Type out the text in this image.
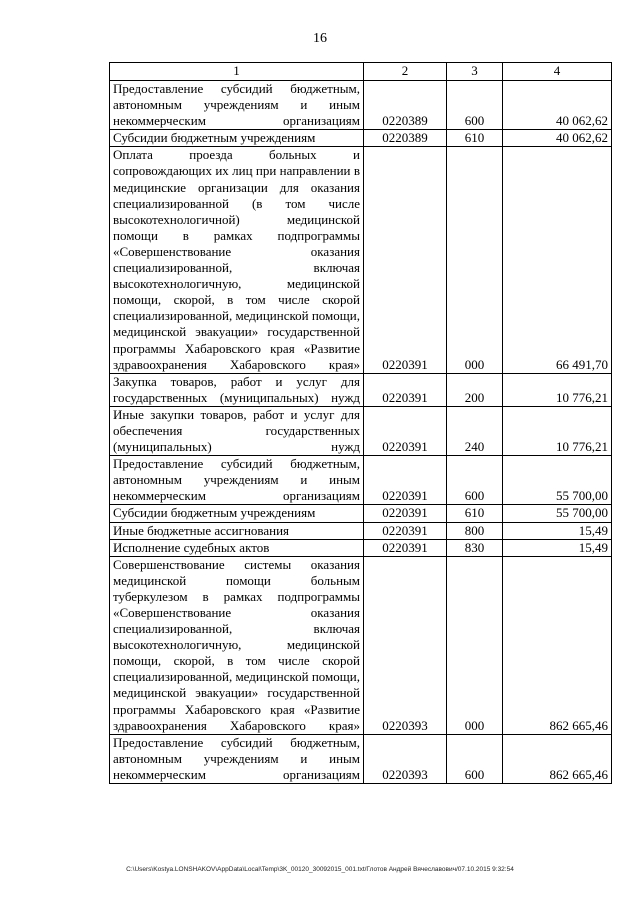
16
1	2	3	4
Предоставление субсидий бюджетным, автономным учреждениям и иным некоммерческим организациям	0220389	600	40 062,62
Субсидии бюджетным учреждениям	0220389	610	40 062,62
Оплата проезда больных и сопровождающих их лиц при направлении в медицинские организации для оказания специализированной (в том числе высокотехнологичной) медицинской помощи в рамках подпрограммы «Совершенствование оказания специализированной, включая высокотехнологичную, медицинской помощи, скорой, в том числе скорой специализированной, медицинской помощи, медицинской эвакуации» государственной программы Хабаровского края «Развитие здравоохранения Хабаровского края»	0220391	000	66 491,70
Закупка товаров, работ и услуг для государственных (муниципальных) нужд	0220391	200	10 776,21
Иные закупки товаров, работ и услуг для обеспечения государственных (муниципальных) нужд	0220391	240	10 776,21
Предоставление субсидий бюджетным, автономным учреждениям и иным некоммерческим организациям	0220391	600	55 700,00
Субсидии бюджетным учреждениям	0220391	610	55 700,00
Иные бюджетные ассигнования	0220391	800	15,49
Исполнение судебных актов	0220391	830	15,49
Совершенствование системы оказания медицинской помощи больным туберкулезом в рамках подпрограммы «Совершенствование оказания специализированной, включая высокотехнологичную, медицинской помощи, скорой, в том числе скорой специализированной, медицинской помощи, медицинской эвакуации» государственной программы Хабаровского края «Развитие здравоохранения Хабаровского края»	0220393	000	862 665,46
Предоставление субсидий бюджетным, автономным учреждениям и иным некоммерческим организациям	0220393	600	862 665,46
C:\Users\Kostya.LONSHAKOV\AppData\Local\Temp\3K_00120_30092015_001.txt/Глотов Андрей Вячеславович/07.10.2015 9:32:54
